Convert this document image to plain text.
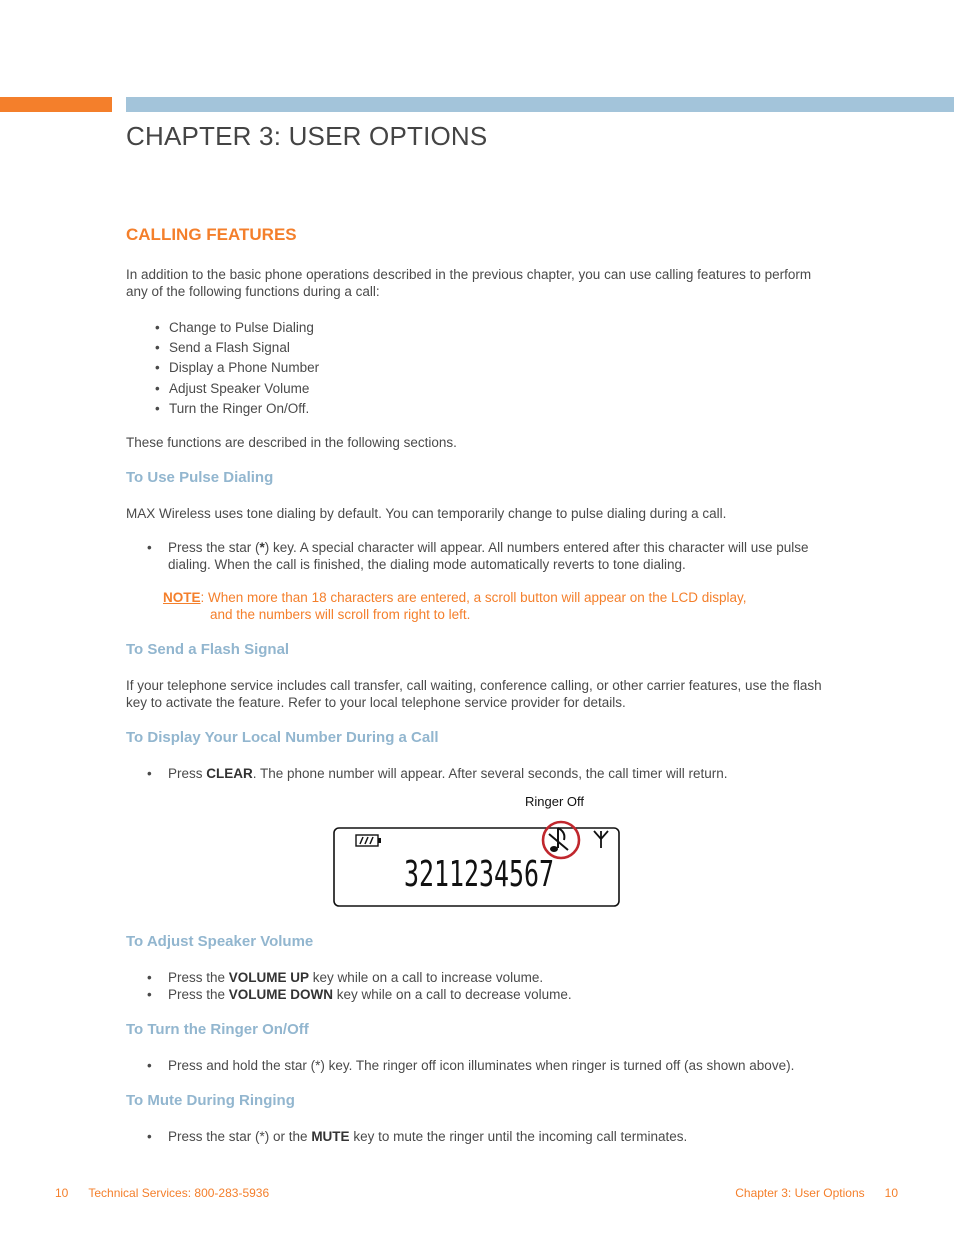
CHAPTER 3: USER OPTIONS
CALLING FEATURES
In addition to the basic phone operations described in the previous chapter, you can use calling features to perform any of the following functions during a call:
• Change to Pulse Dialing
• Send a Flash Signal
• Display a Phone Number
• Adjust Speaker Volume
• Turn the Ringer On/Off.
These functions are described in the following sections.
To Use Pulse Dialing
MAX Wireless uses tone dialing by default. You can temporarily change to pulse dialing during a call.
• Press the star (*) key. A special character will appear. All numbers entered after this character will use pulse dialing. When the call is finished, the dialing mode automatically reverts to tone dialing.
NOTE: When more than 18 characters are entered, a scroll button will appear on the LCD display,
and the numbers will scroll from right to left.
To Send a Flash Signal
If your telephone service includes call transfer, call waiting, conference calling, or other carrier features, use the flash key to activate the feature. Refer to your local telephone service provider for details.
To Display Your Local Number During a Call
• Press CLEAR. The phone number will appear. After several seconds, the call timer will return.
Ringer Off
3211234567
To Adjust Speaker Volume
• Press the VOLUME UP key while on a call to increase volume.
• Press the VOLUME DOWN key while on a call to decrease volume.
To Turn the Ringer On/Off
• Press and hold the star (*) key. The ringer off icon illuminates when ringer is turned off (as shown above).
To Mute During Ringing
• Press the star (*) or the MUTE key to mute the ringer until the incoming call terminates.
10 Technical Services: 800-283-5936	Chapter 3: User Options 10
